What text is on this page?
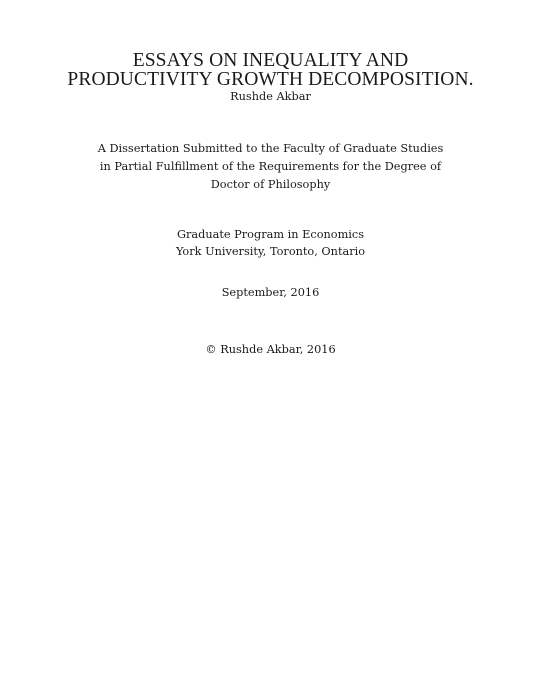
ESSAYS ON INEQUALITY AND
PRODUCTIVITY GROWTH DECOMPOSITION.
Rushde Akbar
A Dissertation Submitted to the Faculty of Graduate Studies
in Partial Fulfillment of the Requirements for the Degree of
Doctor of Philosophy
Graduate Program in Economics
York University, Toronto, Ontario
September, 2016
© Rushde Akbar, 2016
